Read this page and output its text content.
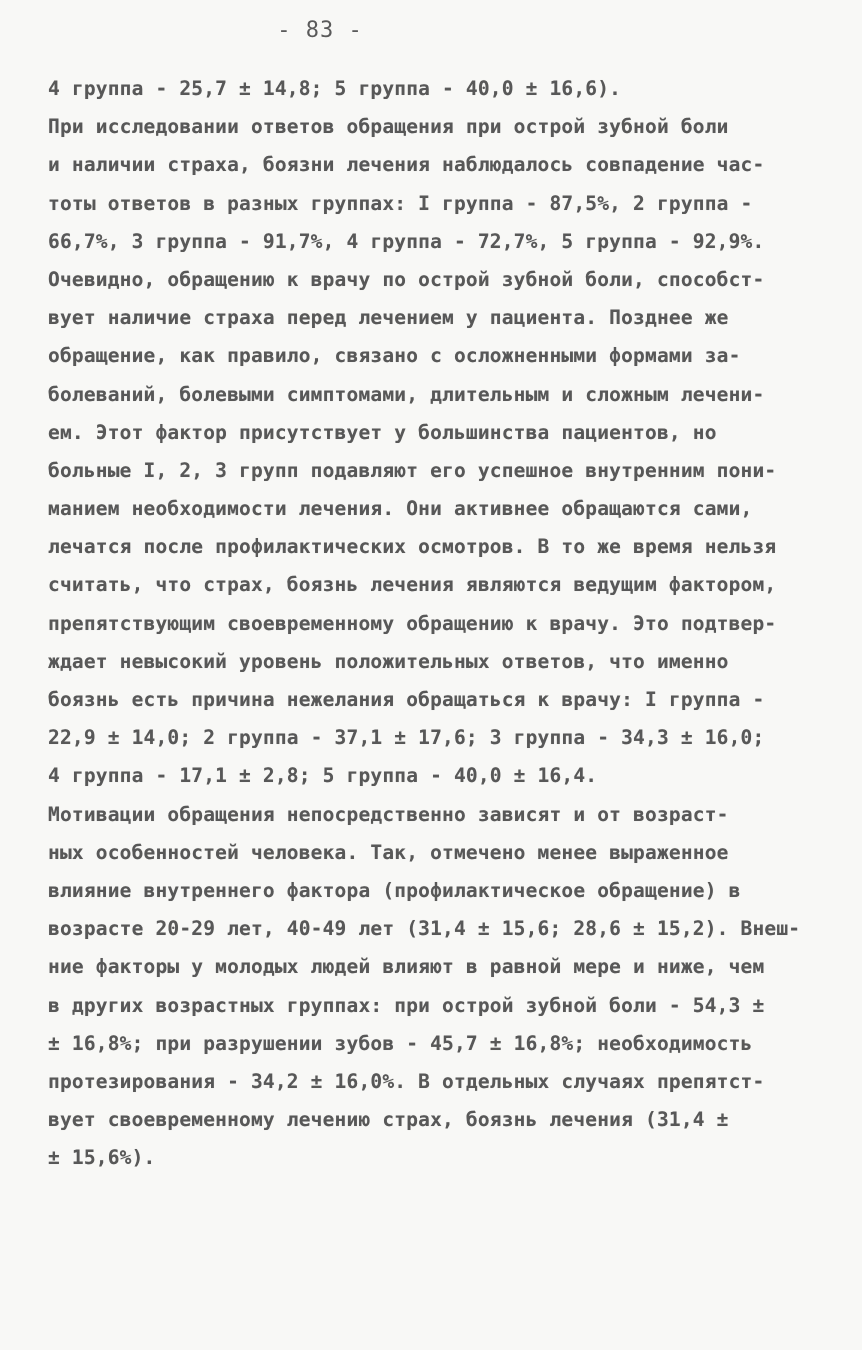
- 83 -
4 группа - 25,7 ± 14,8; 5 группа - 40,0 ± 16,6).
При исследовании ответов обращения при острой зубной боли
и наличии страха, боязни лечения наблюдалось совпадение час-
тоты ответов в разных группах: I группа - 87,5%, 2 группа -
66,7%, 3 группа - 91,7%, 4 группа - 72,7%, 5 группа - 92,9%.
Очевидно, обращению к врачу по острой зубной боли, способст-
вует наличие страха перед лечением у пациента. Позднее же
обращение, как правило, связано с осложненными формами за-
болеваний, болевыми симптомами, длительным и сложным лечени-
ем. Этот фактор присутствует у большинства пациентов, но
больные I, 2, 3 групп подавляют его успешное внутренним пони-
манием необходимости лечения. Они активнее обращаются сами,
лечатся после профилактических осмотров. В то же время нельзя
считать, что страх, боязнь лечения являются ведущим фактором,
препятствующим своевременному обращению к врачу. Это подтвер-
ждает невысокий уровень положительных ответов, что именно
боязнь есть причина нежелания обращаться к врачу: I группа -
22,9 ± 14,0; 2 группа - 37,1 ± 17,6; 3 группа - 34,3 ± 16,0;
4 группа - 17,1 ± 2,8; 5 группа - 40,0 ± 16,4.
Мотивации обращения непосредственно зависят и от возраст-
ных особенностей человека. Так, отмечено менее выраженное
влияние внутреннего фактора (профилактическое обращение) в
возрасте 20-29 лет, 40-49 лет (31,4 ± 15,6; 28,6 ± 15,2). Внеш-
ние факторы у молодых людей влияют в равной мере и ниже, чем
в других возрастных группах: при острой зубной боли - 54,3 ±
± 16,8%; при разрушении зубов - 45,7 ± 16,8%; необходимость
протезирования - 34,2 ± 16,0%. В отдельных случаях препятст-
вует своевременному лечению страх, боязнь лечения (31,4 ±
± 15,6%).
